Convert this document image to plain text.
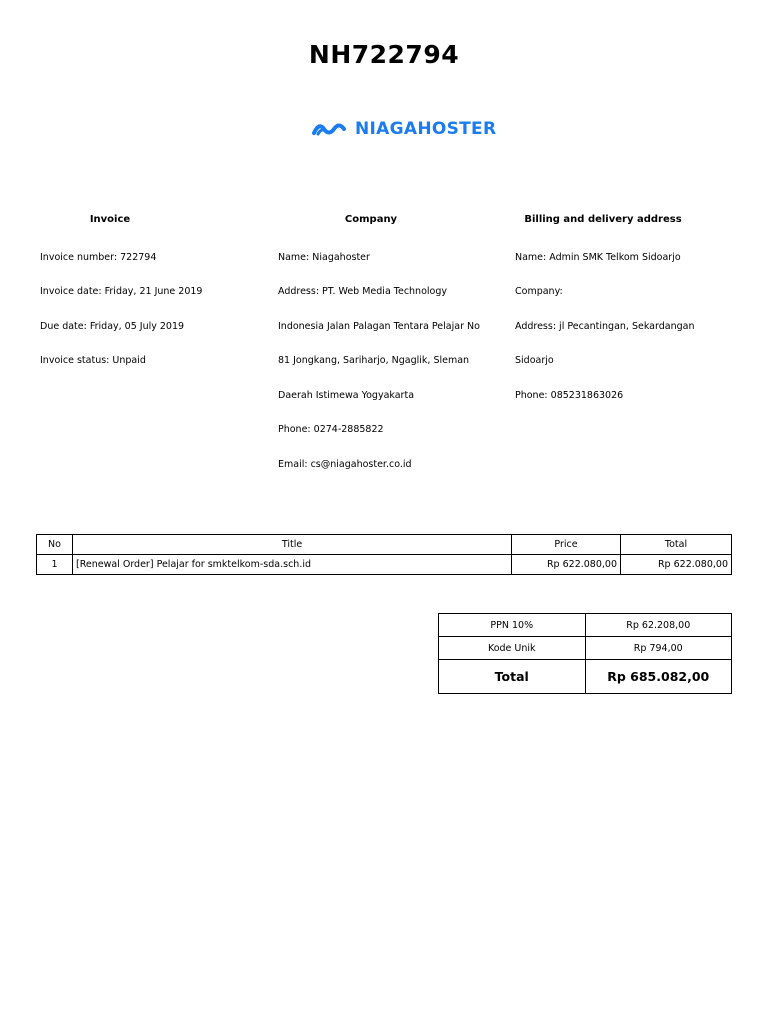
NH722794
NIAGAHOSTER
Invoice	Company	Billing and delivery address
Invoice number: 722794
Invoice date: Friday, 21 June 2019
Due date: Friday, 05 July 2019
Invoice status: Unpaid
Name: Niagahoster
Address: PT. Web Media Technology
Indonesia Jalan Palagan Tentara Pelajar No
81 Jongkang, Sariharjo, Ngaglik, Sleman
Daerah Istimewa Yogyakarta
Phone: 0274-2885822
Email: cs@niagahoster.co.id
Name: Admin SMK Telkom Sidoarjo
Company:
Address: jl Pecantingan, Sekardangan
Sidoarjo
Phone: 085231863026
No	Title	Price	Total
1	[Renewal Order] Pelajar for smktelkom-sda.sch.id	Rp 622.080,00	Rp 622.080,00
PPN 10%	Rp 62.208,00
Kode Unik	Rp 794,00
Total	Rp 685.082,00
